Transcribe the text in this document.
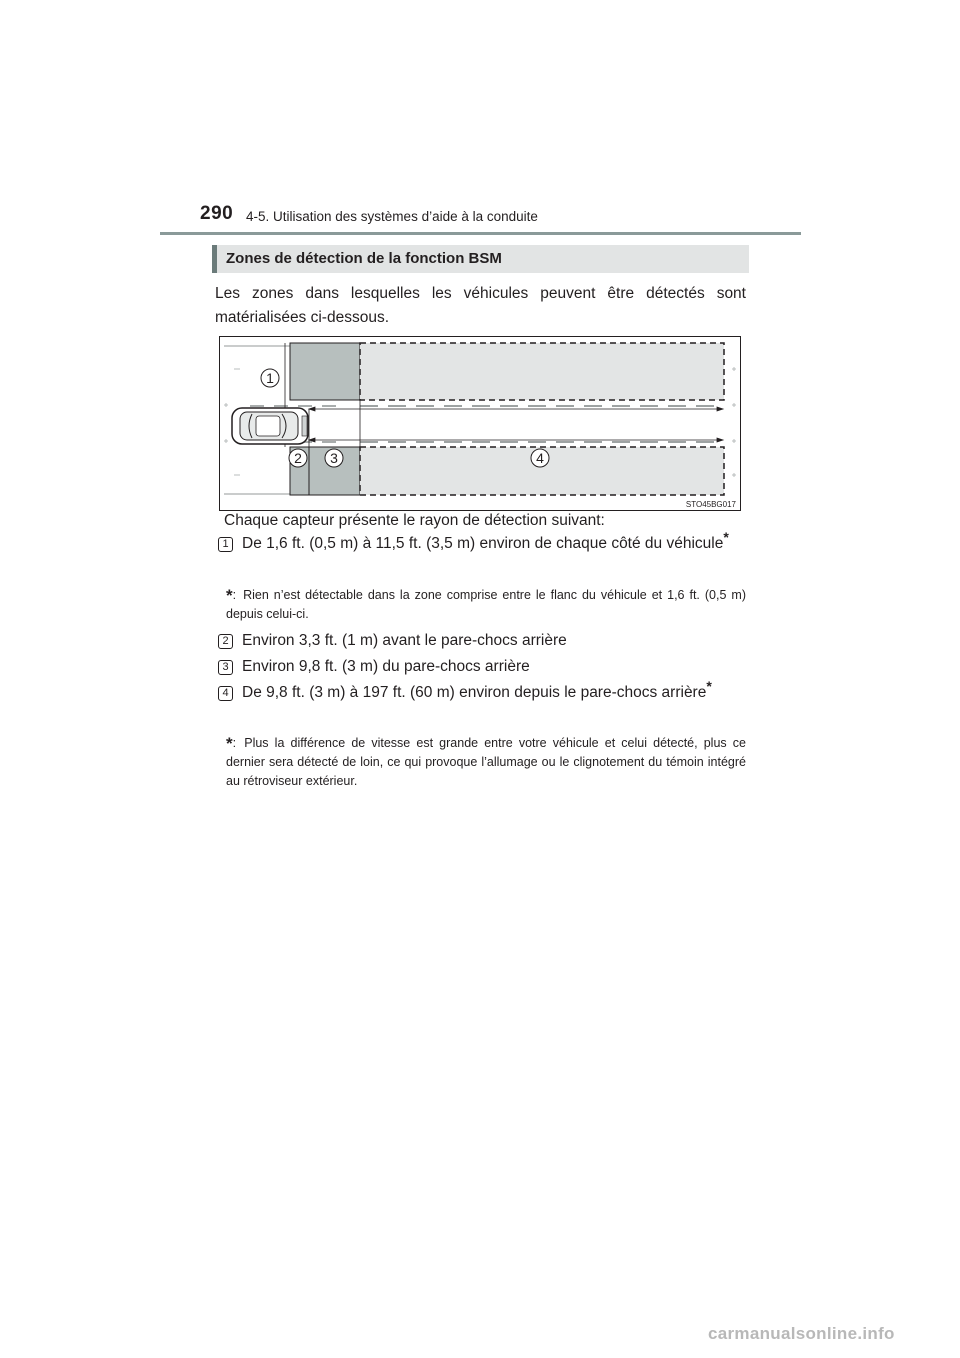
290 4-5. Utilisation des systèmes d’aide à la conduite
Zones de détection de la fonction BSM
Les zones dans lesquelles les véhicules peuvent être détectés sont matérialisées ci-dessous.
1
2 3	4
STO45BG017
Chaque capteur présente le rayon de détection suivant:
1 De 1,6 ft. (0,5 m) à 11,5 ft. (3,5 m) environ de chaque côté du véhicule*
*: Rien n’est détectable dans la zone comprise entre le flanc du véhicule et 1,6 ft. (0,5 m) depuis celui-ci.
2 Environ 3,3 ft. (1 m) avant le pare-chocs arrière
3 Environ 9,8 ft. (3 m) du pare-chocs arrière
4 De 9,8 ft. (3 m) à 197 ft. (60 m) environ depuis le pare-chocs arrière*
*: Plus la différence de vitesse est grande entre votre véhicule et celui détecté, plus ce dernier sera détecté de loin, ce qui provoque l’allumage ou le clignotement du témoin intégré au rétroviseur extérieur.
carmanualsonline.info
